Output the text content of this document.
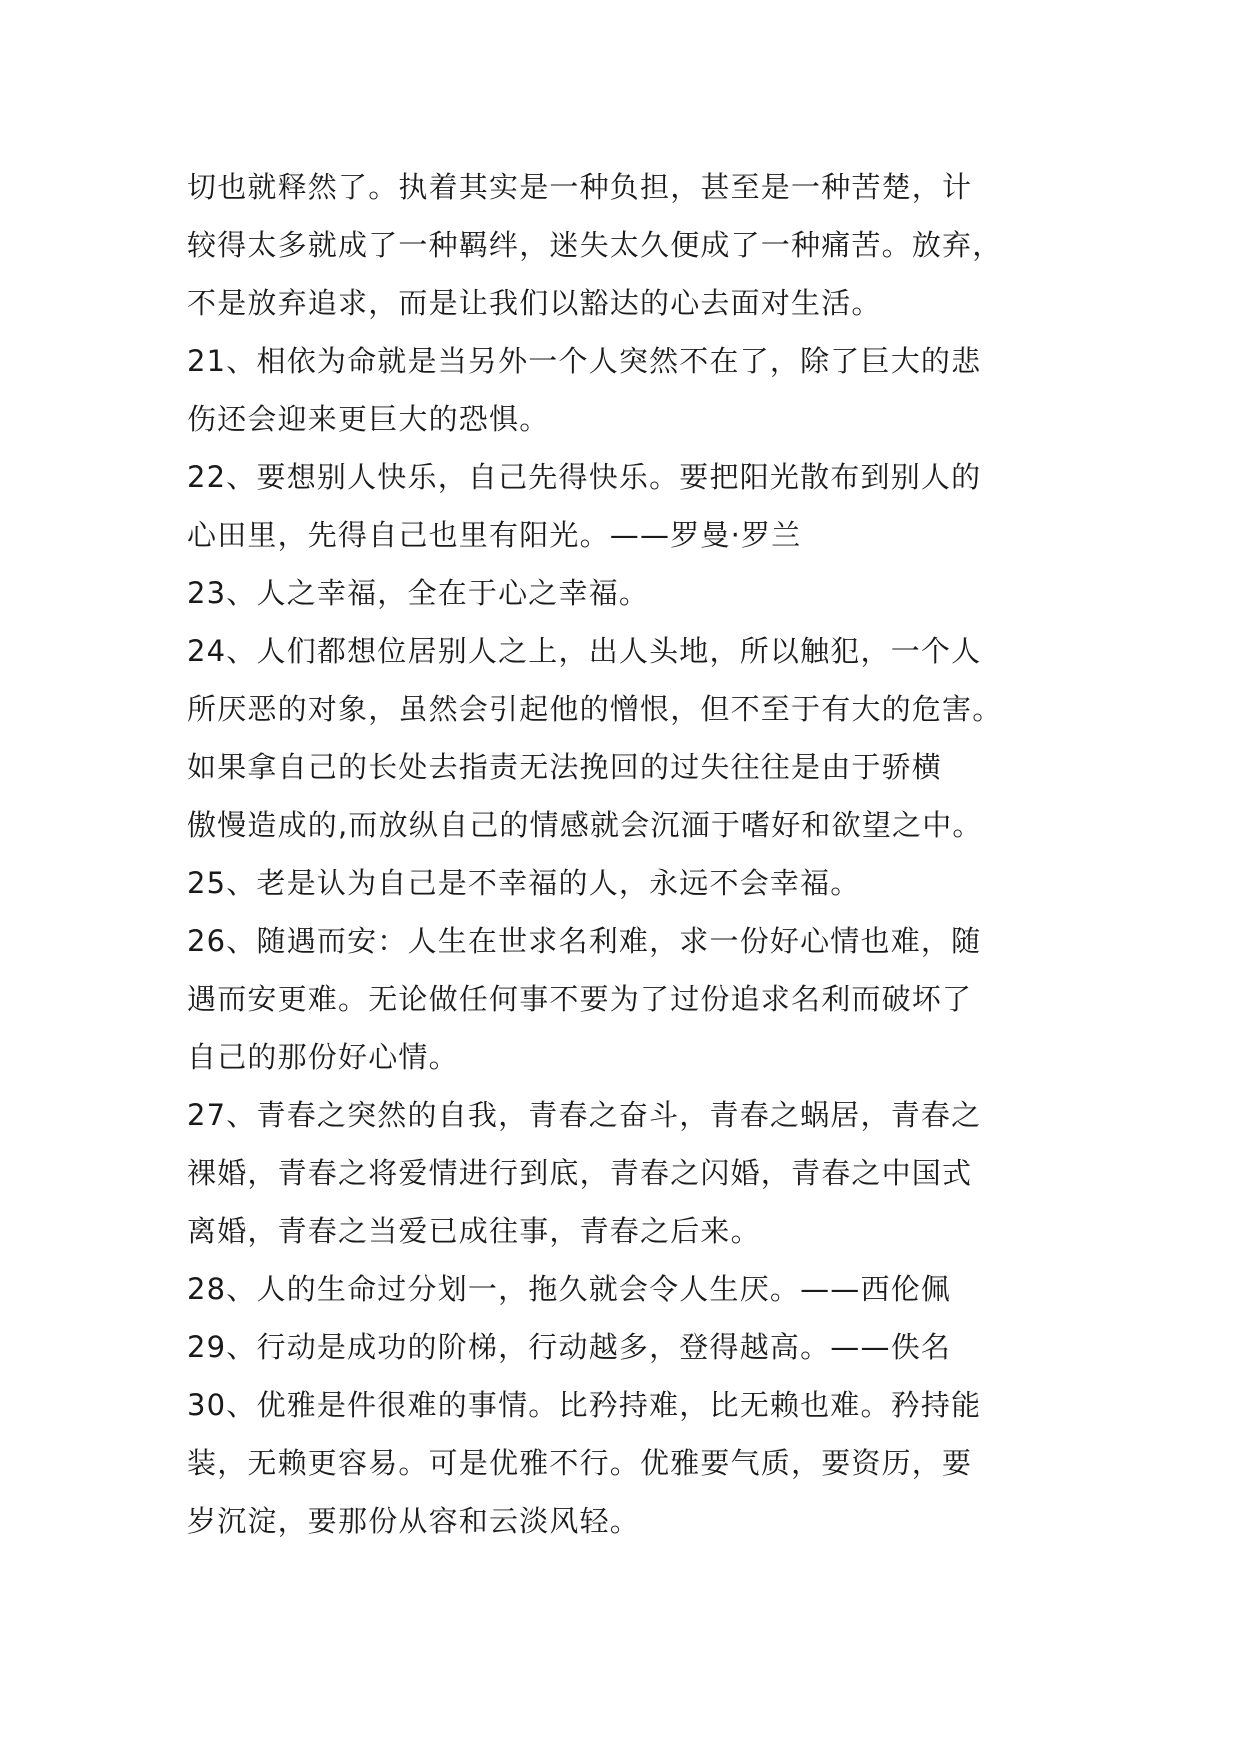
切也就释然了。执着其实是一种负担，甚至是一种苦楚，计
较得太多就成了一种羁绊，迷失太久便成了一种痛苦。放弃，
不是放弃追求，而是让我们以豁达的心去面对生活。
21、相依为命就是当另外一个人突然不在了，除了巨大的悲
伤还会迎来更巨大的恐惧。
22、要想别人快乐，自己先得快乐。要把阳光散布到别人的
心田里，先得自己也里有阳光。——罗曼·罗兰
23、人之幸福，全在于心之幸福。
24、人们都想位居别人之上，出人头地，所以触犯，一个人
所厌恶的对象，虽然会引起他的憎恨，但不至于有大的危害。
如果拿自己的长处去指责无法挽回的过失往往是由于骄横
傲慢造成的,而放纵自己的情感就会沉湎于嗜好和欲望之中。
25、老是认为自己是不幸福的人，永远不会幸福。
26、随遇而安：人生在世求名利难，求一份好心情也难，随
遇而安更难。无论做任何事不要为了过份追求名利而破坏了
自己的那份好心情。
27、青春之突然的自我，青春之奋斗，青春之蜗居，青春之
裸婚，青春之将爱情进行到底，青春之闪婚，青春之中国式
离婚，青春之当爱已成往事，青春之后来。
28、人的生命过分划一，拖久就会令人生厌。——西伦佩
29、行动是成功的阶梯，行动越多，登得越高。——佚名
30、优雅是件很难的事情。比矜持难，比无赖也难。矜持能
装，无赖更容易。可是优雅不行。优雅要气质，要资历，要
岁沉淀，要那份从容和云淡风轻。
